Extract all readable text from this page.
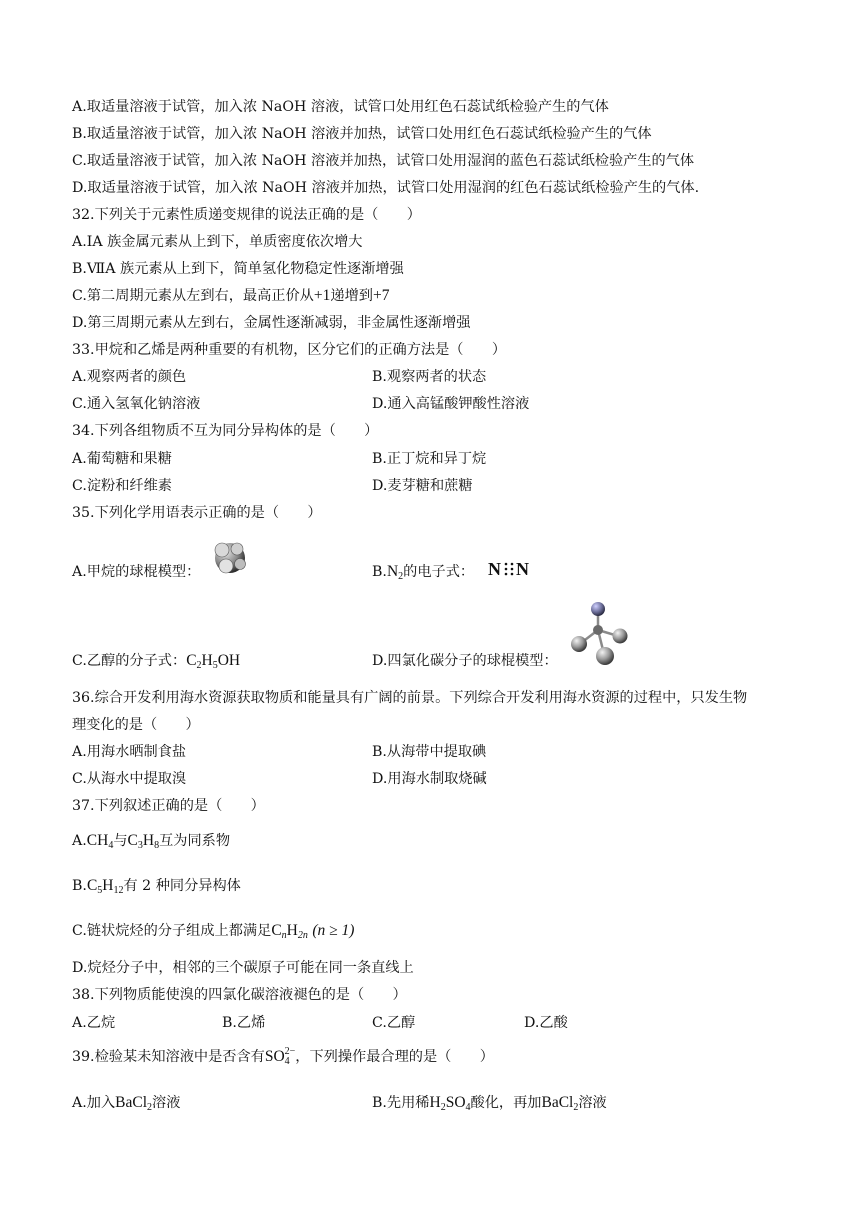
A.取适量溶液于试管，加入浓 NaOH 溶液，试管口处用红色石蕊试纸检验产生的气体
B.取适量溶液于试管，加入浓 NaOH 溶液并加热，试管口处用红色石蕊试纸检验产生的气体
C.取适量溶液于试管，加入浓 NaOH 溶液并加热，试管口处用湿润的蓝色石蕊试纸检验产生的气体
D.取适量溶液于试管，加入浓 NaOH 溶液并加热，试管口处用湿润的红色石蕊试纸检验产生的气体.
32.下列关于元素性质递变规律的说法正确的是（　　）
A.ⅠA 族金属元素从上到下，单质密度依次增大
B.ⅦA 族元素从上到下，简单氢化物稳定性逐渐增强
C.第二周期元素从左到右，最高正价从+1递增到+7
D.第三周期元素从左到右，金属性逐渐减弱，非金属性逐渐增强
33.甲烷和乙烯是两种重要的有机物，区分它们的正确方法是（　　）
A.观察两者的颜色	B.观察两者的状态
C.通入氢氧化钠溶液	D.通入高锰酸钾酸性溶液
34.下列各组物质不互为同分异构体的是（　　）
A.葡萄糖和果糖	B.正丁烷和异丁烷
C.淀粉和纤维素	D.麦芽糖和蔗糖
35.下列化学用语表示正确的是（　　）
A.甲烷的球棍模型：	$B.N_2$的电子式： N N
C.乙醇的分子式：$C_2H_5OH$	D.四氯化碳分子的球棍模型：
36.综合开发利用海水资源获取物质和能量具有广阔的前景。下列综合开发利用海水资源的过程中，只发生物
理变化的是（　　）
A.用海水晒制食盐	B.从海带中提取碘
C.从海水中提取溴	D.用海水制取烧碱
37.下列叙述正确的是（　　）
$A.CH_4$与$C_3H_8$互为同系物
$B.C_5H_{12}$有 2 种同分异构体
C.链状烷烃的分子组成上都满足$C_nH_{2n}$ (n ≥ 1)
D.烷烃分子中，相邻的三个碳原子可能在同一条直线上
38.下列物质能使溴的四氯化碳溶液褪色的是（　　）
A.乙烷	B.乙烯	C.乙醇	D.乙酸
39.检验某未知溶液中是否含有SO 2−
4 ，下列操作最合理的是（　　）
A.加入BaCl$_2$溶液	B.先用稀$H_2SO_4$酸化，再加BaCl$_2$溶液
